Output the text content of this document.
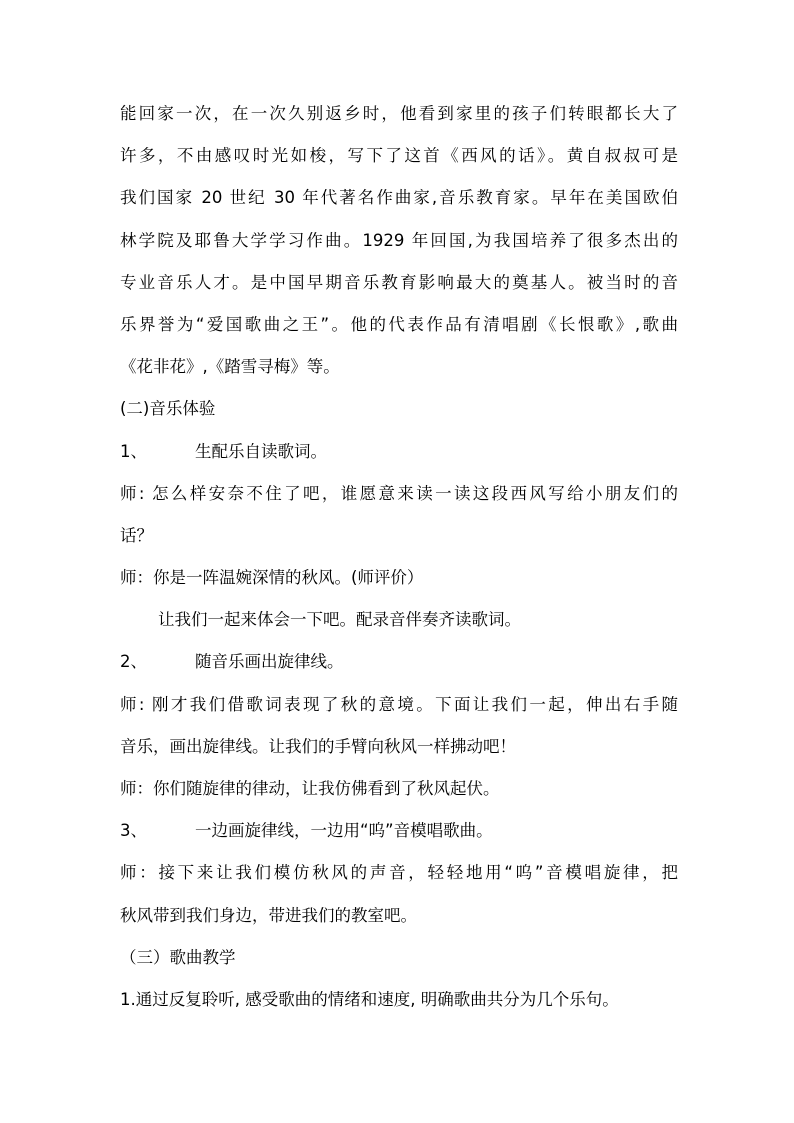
能回家一次，在一次久别返乡时，他看到家里的孩子们转眼都长大了
许多，不由感叹时光如梭，写下了这首《西风的话》。黄自叔叔可是
我们国家 20 世纪 30 年代著名作曲家,音乐教育家。早年在美国欧伯
林学院及耶鲁大学学习作曲。1929 年回国,为我国培养了很多杰出的
专业音乐人才。是中国早期音乐教育影响最大的奠基人。被当时的音
乐界誉为“爱国歌曲之王”。他的代表作品有清唱剧《长恨歌》,歌曲
《花非花》,《踏雪寻梅》等。
(二)音乐体验
1、	生配乐自读歌词。
师: 怎么样安奈不住了吧，谁愿意来读一读这段西风写给小朋友们的
话？
师：你是一阵温婉深情的秋风。(师评价）
让我们一起来体会一下吧。配录音伴奏齐读歌词。
2、	随音乐画出旋律线。
师: 刚才我们借歌词表现了秋的意境。下面让我们一起，伸出右手随
音乐，画出旋律线。让我们的手臂向秋风一样拂动吧！
师：你们随旋律的律动，让我仿佛看到了秋风起伏。
3、	一边画旋律线，一边用“呜”音模唱歌曲。
师：接下来让我们模仿秋风的声音，轻轻地用“呜”音模唱旋律，把
秋风带到我们身边，带进我们的教室吧。
（三）歌曲教学
1.通过反复聆听, 感受歌曲的情绪和速度, 明确歌曲共分为几个乐句。
